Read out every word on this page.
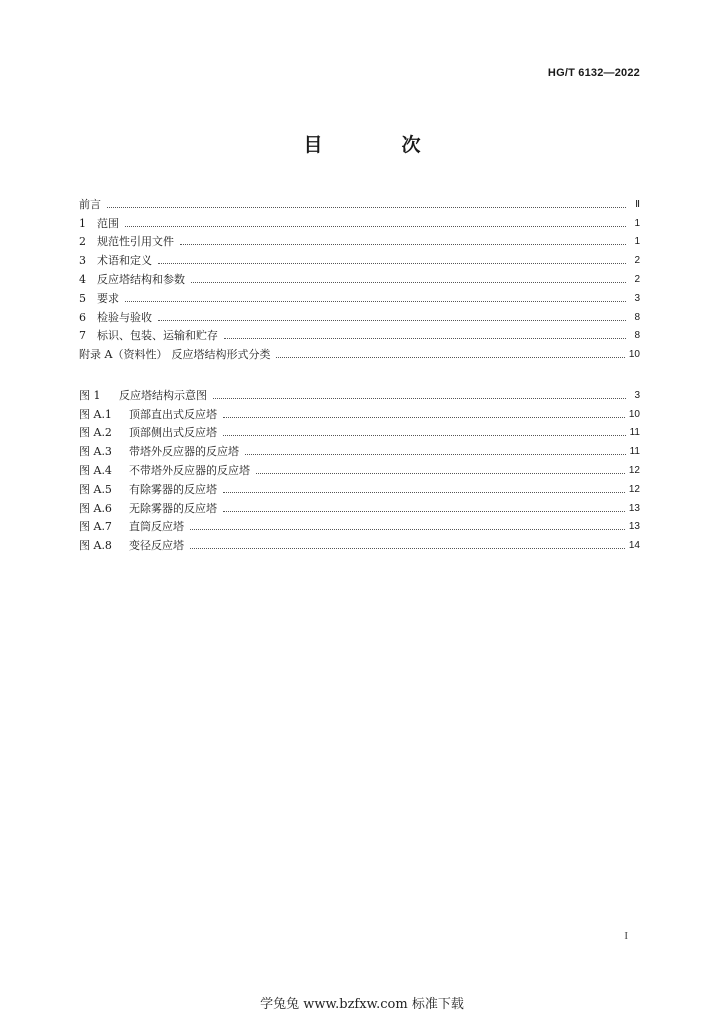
HG/T 6132—2022
目　次
前言	Ⅱ
1 范围	1
2 规范性引用文件	1
3 术语和定义	2
4 反应塔结构和参数	2
5 要求	3
6 检验与验收	8
7 标识、包装、运输和贮存	8
附录 A（资料性） 反应塔结构形式分类	10
图 1 反应塔结构示意图	3
图 A.1 顶部直出式反应塔	10
图 A.2 顶部侧出式反应塔	11
图 A.3 带塔外反应器的反应塔	11
图 A.4 不带塔外反应器的反应塔	12
图 A.5 有除雾器的反应塔	12
图 A.6 无除雾器的反应塔	13
图 A.7 直筒反应塔	13
图 A.8 变径反应塔	14
I
学兔兔 www.bzfxw.com 标准下载
